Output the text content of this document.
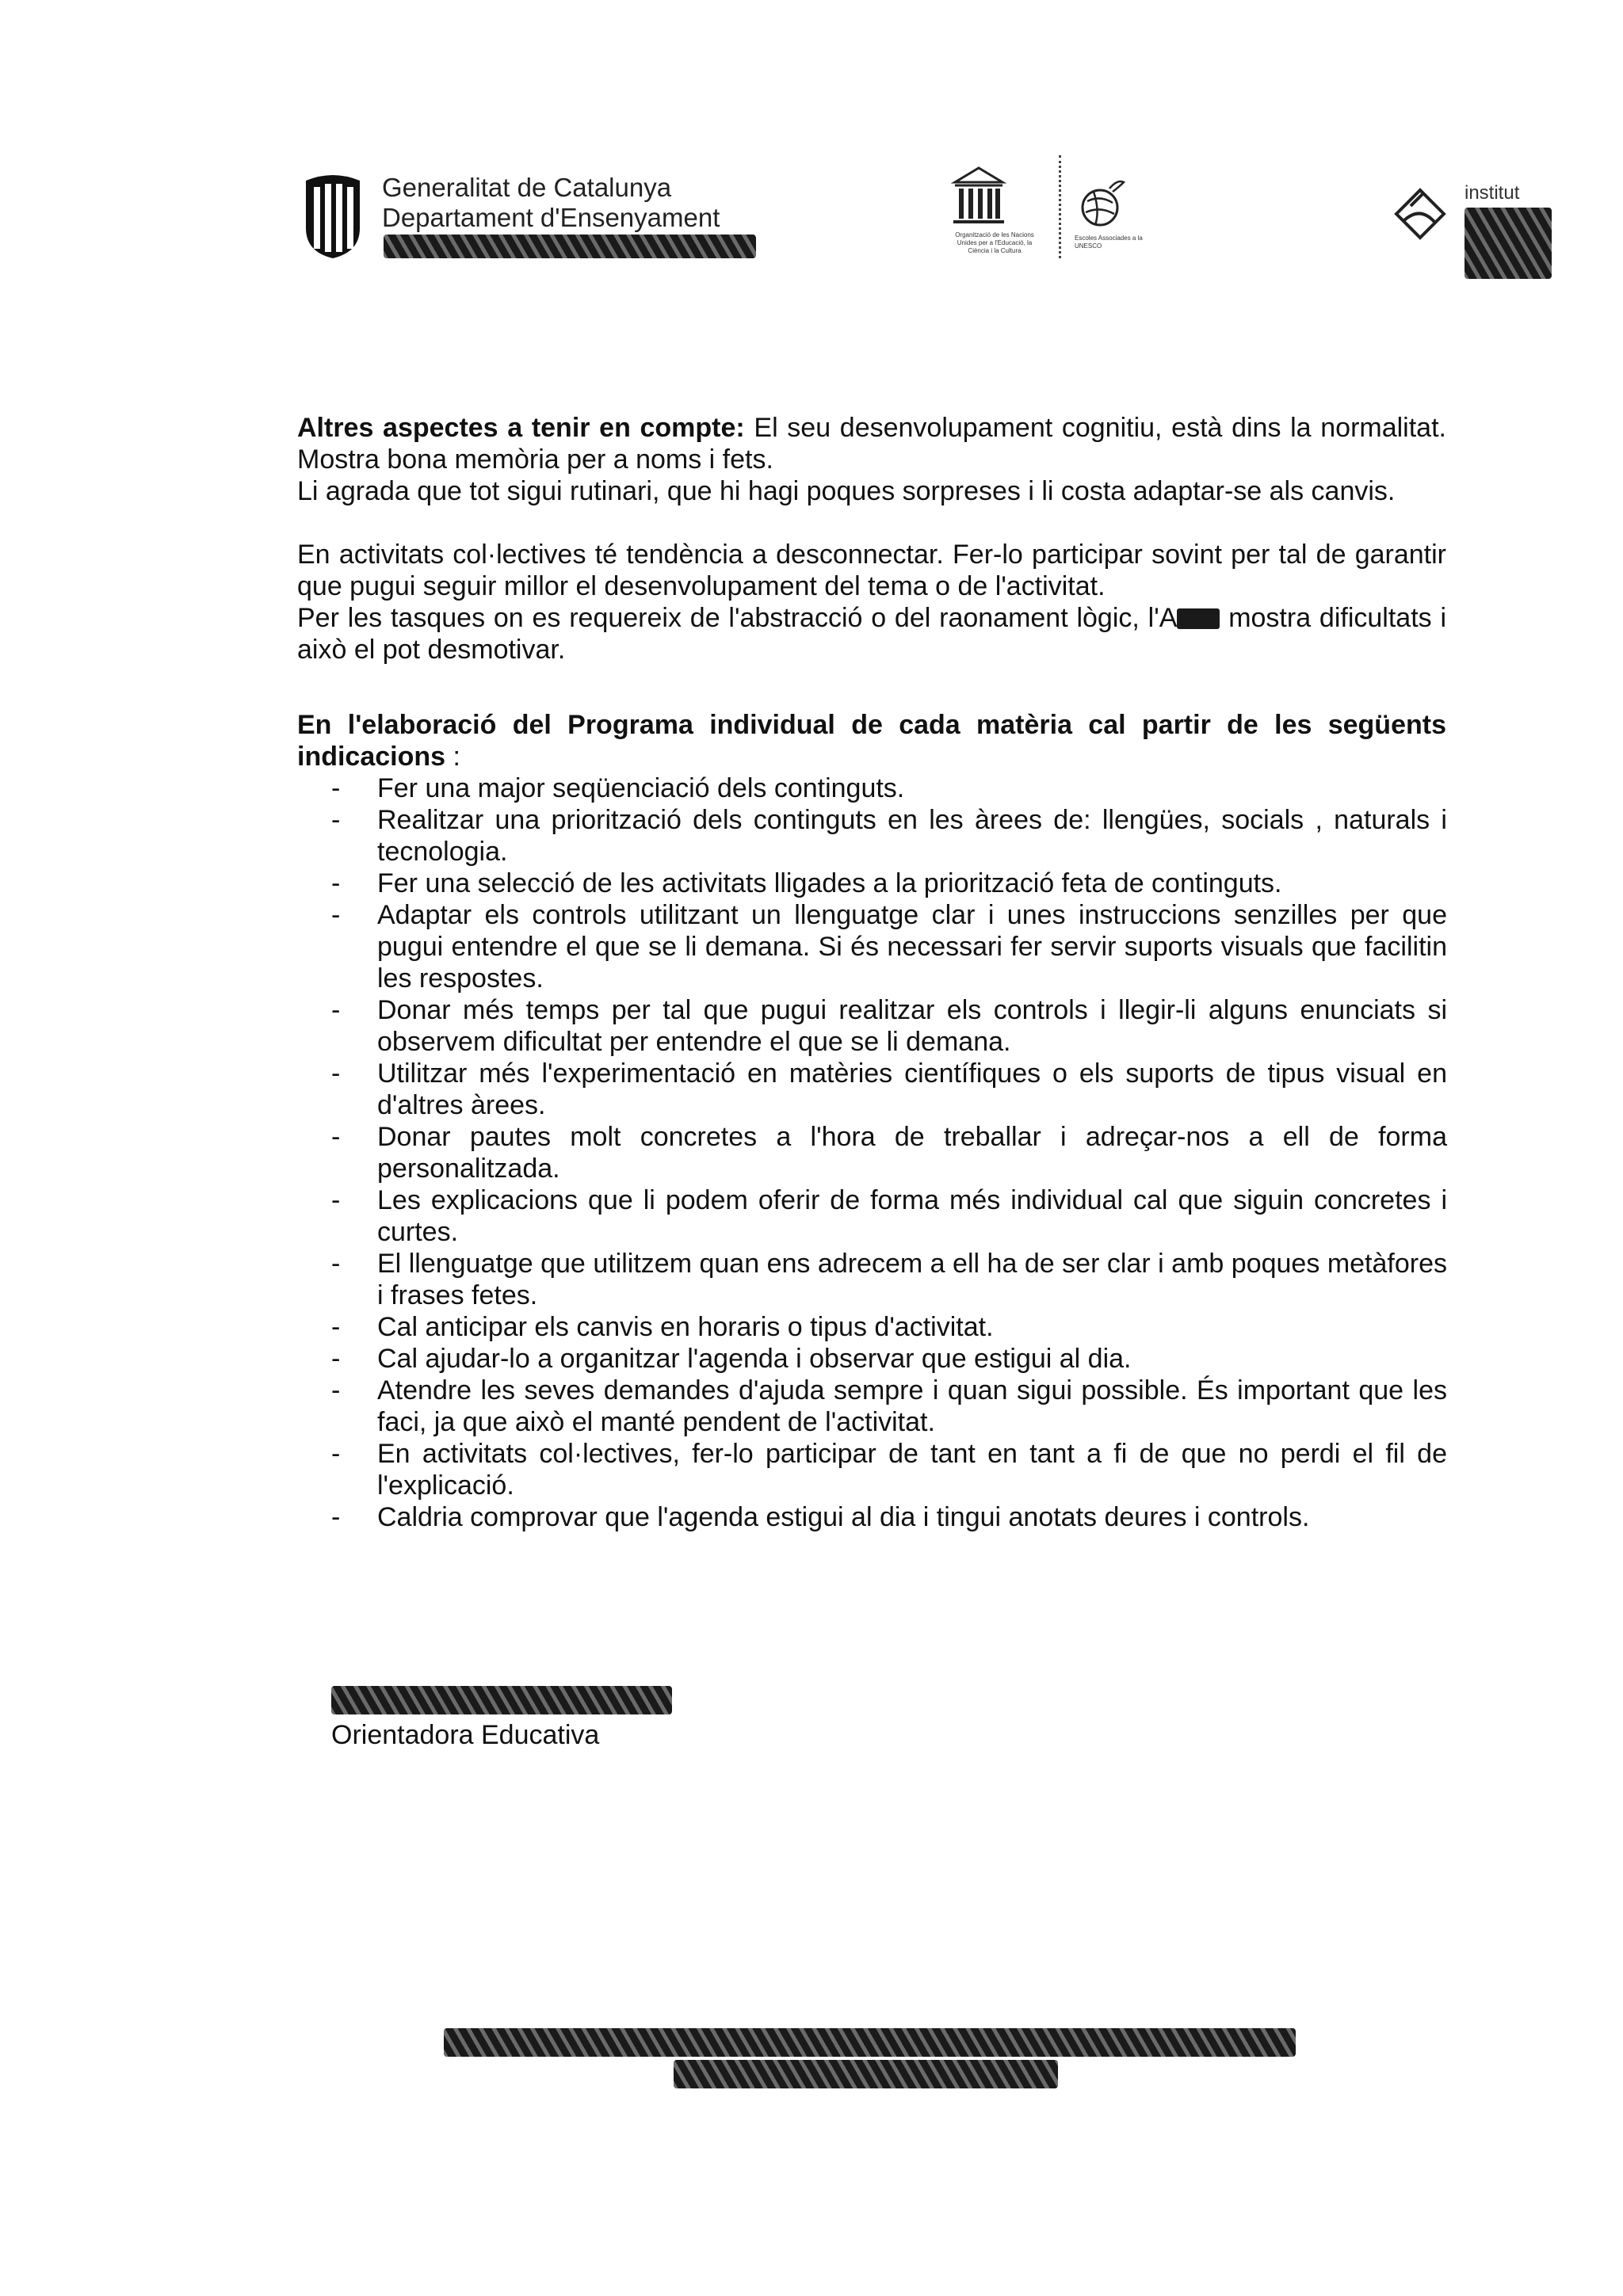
Generalitat de Catalunya
Departament d'Ensenyament
Organització de les Nacions Unides per a l'Educació, la Ciència i la Cultura
Escoles Associades a la UNESCO
institut
Altres aspectes a tenir en compte: El seu desenvolupament cognitiu, està dins la normalitat. Mostra bona memòria per a noms i fets.
Li agrada que tot sigui rutinari, que hi hagi poques sorpreses i li costa adaptar-se als canvis.
En activitats col·lectives té tendència a desconnectar. Fer-lo participar sovint per tal de garantir que pugui seguir millor el desenvolupament del tema o de l'activitat.
Per les tasques on es requereix de l'abstracció o del raonament lògic, l'A mostra dificultats i això el pot desmotivar.
En l'elaboració del Programa individual de cada matèria cal partir de les següents indicacions :
- Fer una major seqüenciació dels continguts.
- Realitzar una priorització dels continguts en les àrees de: llengües, socials , naturals i tecnologia.
- Fer una selecció de les activitats lligades a la priorització feta de continguts.
- Adaptar els controls utilitzant un llenguatge clar i unes instruccions senzilles per que pugui entendre el que se li demana. Si és necessari fer servir suports visuals que facilitin les respostes.
- Donar més temps per tal que pugui realitzar els controls i llegir-li alguns enunciats si observem dificultat per entendre el que se li demana.
- Utilitzar més l'experimentació en matèries científiques o els suports de tipus visual en d'altres àrees.
- Donar pautes molt concretes a l'hora de treballar i adreçar-nos a ell de forma personalitzada.
- Les explicacions que li podem oferir de forma més individual cal que siguin concretes i curtes.
- El llenguatge que utilitzem quan ens adrecem a ell ha de ser clar i amb poques metàfores i frases fetes.
- Cal anticipar els canvis en horaris o tipus d'activitat.
- Cal ajudar-lo a organitzar l'agenda i observar que estigui al dia.
- Atendre les seves demandes d'ajuda sempre i quan sigui possible. És important que les faci, ja que això el manté pendent de l'activitat.
- En activitats col·lectives, fer-lo participar de tant en tant a fi de que no perdi el fil de l'explicació.
- Caldria comprovar que l'agenda estigui al dia i tingui anotats deures i controls.
Orientadora Educativa
